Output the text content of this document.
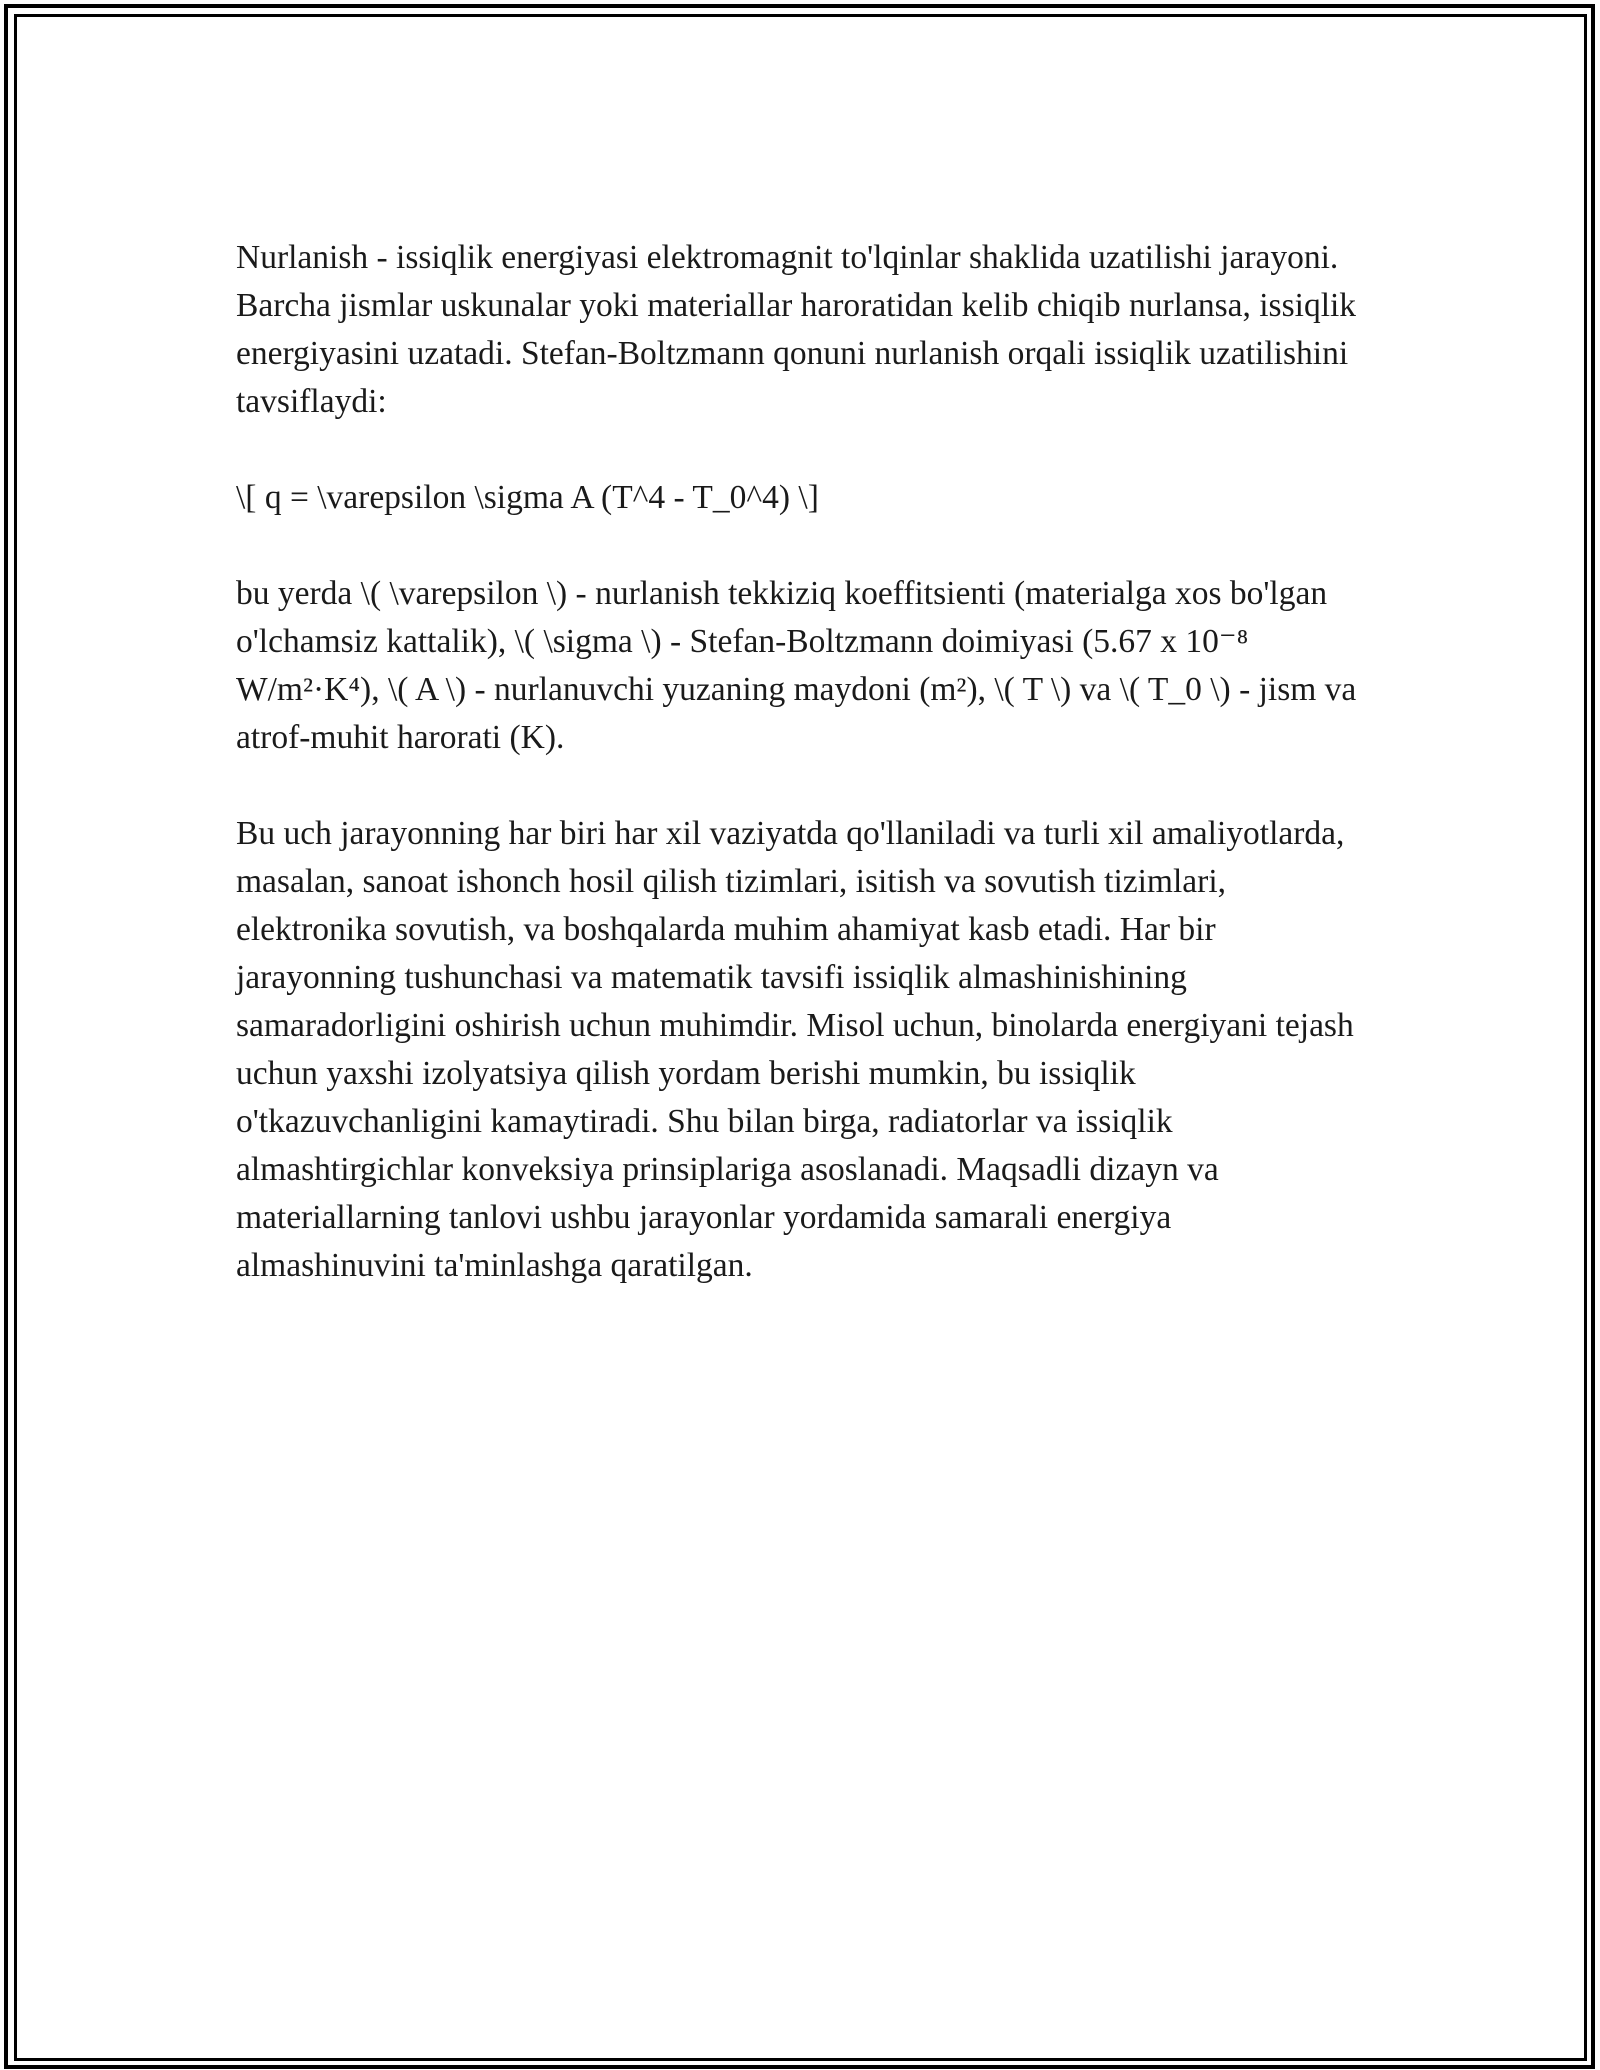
Nurlanish - issiqlik energiyasi elektromagnit to'lqinlar shaklida uzatilishi jarayoni. Barcha jismlar uskunalar yoki materiallar haroratidan kelib chiqib nurlansa, issiqlik energiyasini uzatadi. Stefan-Boltzmann qonuni nurlanish orqali issiqlik uzatilishini tavsiflaydi:

\[ q = \varepsilon \sigma A (T^4 - T_0^4) \]

bu yerda \( \varepsilon \) - nurlanish tekkiziq koeffitsienti (materialga xos bo'lgan o'lchamsiz kattalik), \( \sigma \) - Stefan-Boltzmann doimiyasi (5.67 x 10⁻⁸ W/m²·K⁴), \( A \) - nurlanuvchi yuzaning maydoni (m²), \( T \) va \( T_0 \) - jism va atrof-muhit harorati (K).

Bu uch jarayonning har biri har xil vaziyatda qo'llaniladi va turli xil amaliyotlarda, masalan, sanoat ishonch hosil qilish tizimlari, isitish va sovutish tizimlari, elektronika sovutish, va boshqalarda muhim ahamiyat kasb etadi. Har bir jarayonning tushunchasi va matematik tavsifi issiqlik almashinishining samaradorligini oshirish uchun muhimdir. Misol uchun, binolarda energiyani tejash uchun yaxshi izolyatsiya qilish yordam berishi mumkin, bu issiqlik o'tkazuvchanligini kamaytiradi. Shu bilan birga, radiatorlar va issiqlik almashtirgichlar konveksiya prinsiplariga asoslanadi. Maqsadli dizayn va materiallarning tanlovi ushbu jarayonlar yordamida samarali energiya almashinuvini ta'minlashga qaratilgan.
